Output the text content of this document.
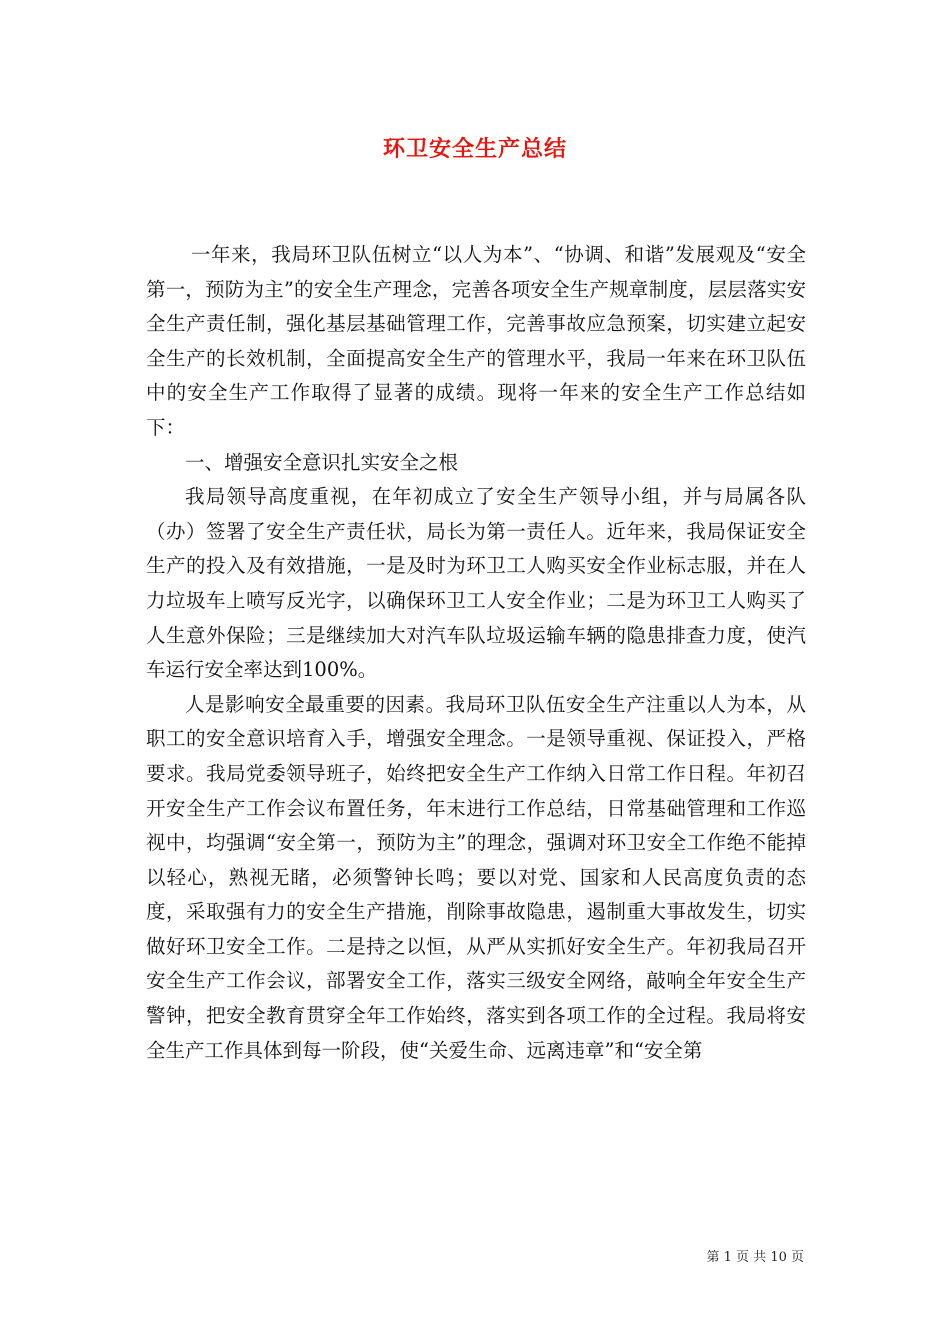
环卫安全生产总结

一年来，我局环卫队伍树立“以人为本”、“协调、和谐”发展观及“安全第一，预防为主”的安全生产理念，完善各项安全生产规章制度，层层落实安全生产责任制，强化基层基础管理工作，完善事故应急预案，切实建立起安全生产的长效机制，全面提高安全生产的管理水平，我局一年来在环卫队伍中的安全生产工作取得了显著的成绩。现将一年来的安全生产工作总结如下：

一、增强安全意识扎实安全之根

我局领导高度重视，在年初成立了安全生产领导小组，并与局属各队（办）签署了安全生产责任状，局长为第一责任人。近年来，我局保证安全生产的投入及有效措施，一是及时为环卫工人购买安全作业标志服，并在人力垃圾车上喷写反光字，以确保环卫工人安全作业；二是为环卫工人购买了人生意外保险；三是继续加大对汽车队垃圾运输车辆的隐患排查力度，使汽车运行安全率达到100%。

人是影响安全最重要的因素。我局环卫队伍安全生产注重以人为本，从职工的安全意识培育入手，增强安全理念。一是领导重视、保证投入，严格要求。我局党委领导班子，始终把安全生产工作纳入日常工作日程。年初召开安全生产工作会议布置任务，年末进行工作总结，日常基础管理和工作巡视中，均强调“安全第一，预防为主”的理念，强调对环卫安全工作绝不能掉以轻心，熟视无睹，必须警钟长鸣；要以对党、国家和人民高度负责的态度，采取强有力的安全生产措施，削除事故隐患，遏制重大事故发生，切实做好环卫安全工作。二是持之以恒，从严从实抓好安全生产。年初我局召开安全生产工作会议，部署安全工作，落实三级安全网络，敲响全年安全生产警钟，把安全教育贯穿全年工作始终，落实到各项工作的全过程。我局将安全生产工作具体到每一阶段，使“关爱生命、远离违章”和“安全第

第 1 页 共 10 页
